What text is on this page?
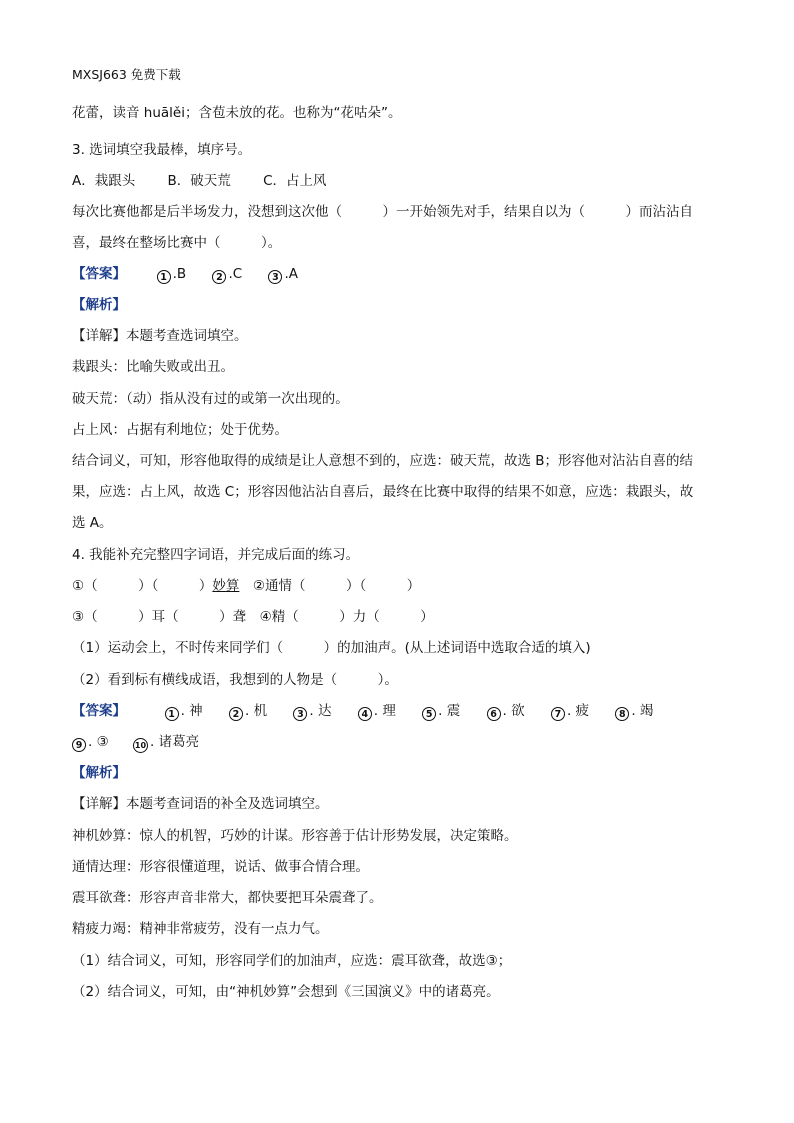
MXSJ663 免费下载
花蕾，读音 huālěi；含苞未放的花。也称为“花咕朵”。
3. 选词填空我最棒，填序号。
A．栽跟头 B．破天荒 C．占上风
每次比赛他都是后半场发力，没想到这次他（　　　）一开始领先对手，结果自以为（　　　）而沾沾自
喜，最终在整场比赛中（　　　）。
【答案】	1 .B	2 .C	3 .A
【解析】
【详解】本题考查选词填空。
栽跟头：比喻失败或出丑。
破天荒：（动）指从没有过的或第一次出现的。
占上风：占据有利地位；处于优势。
结合词义，可知，形容他取得的成绩是让人意想不到的，应选：破天荒，故选 B；形容他对沾沾自喜的结
果，应选：占上风，故选 C；形容因他沾沾自喜后，最终在比赛中取得的结果不如意，应选：栽跟头，故
选 A。
4. 我能补充完整四字词语，并完成后面的练习。
①（　　　）（　　　）妙算　②通情（　　　）（　　　）
③（　　　）耳（　　　）聋　④精（　　　）力（　　　）
（1）运动会上，不时传来同学们（　　　）的加油声。(从上述词语中选取合适的填入)
（2）看到标有横线成语，我想到的人物是（　　　）。
【答案】	1 . 神	2 . 机	3 . 达	4 . 理	5 . 震	6 . 欲	7 . 疲	8 . 竭
9 . ③	10 . 诸葛亮
【解析】
【详解】本题考查词语的补全及选词填空。
神机妙算：惊人的机智，巧妙的计谋。形容善于估计形势发展，决定策略。
通情达理：形容很懂道理，说话、做事合情合理。
震耳欲聋：形容声音非常大，都快要把耳朵震聋了。
精疲力竭：精神非常疲劳，没有一点力气。
（1）结合词义，可知，形容同学们的加油声，应选：震耳欲聋，故选③；
（2）结合词义，可知，由“神机妙算”会想到《三国演义》中的诸葛亮。
